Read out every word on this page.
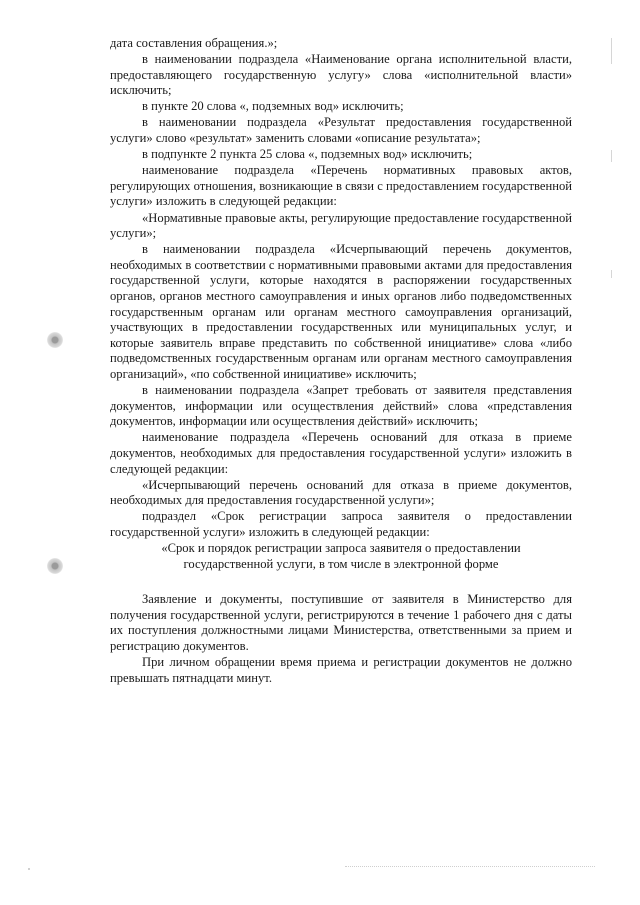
дата составления обращения.»;

в наименовании подраздела «Наименование органа исполнительной власти, предоставляющего государственную услугу» слова «исполнительной власти» исключить;

в пункте 20 слова «, подземных вод» исключить;

в наименовании подраздела «Результат предоставления государственной услуги» слово «результат» заменить словами «описание результата»;

в подпункте 2 пункта 25 слова «, подземных вод» исключить;

наименование подраздела «Перечень нормативных правовых актов, регулирующих отношения, возникающие в связи с предоставлением государственной услуги» изложить в следующей редакции:

«Нормативные правовые акты, регулирующие предоставление государственной услуги»;

в наименовании подраздела «Исчерпывающий перечень документов, необходимых в соответствии с нормативными правовыми актами для предоставления государственной услуги, которые находятся в распоряжении государственных органов, органов местного самоуправления и иных органов либо подведомственных государственным органам или органам местного самоуправления организаций, участвующих в предоставлении государственных или муниципальных услуг, и которые заявитель вправе представить по собственной инициативе» слова «либо подведомственных государственным органам или органам местного самоуправления организаций», «по собственной инициативе» исключить;

в наименовании подраздела «Запрет требовать от заявителя представления документов, информации или осуществления действий» слова «представления документов, информации или осуществления действий» исключить;

наименование подраздела «Перечень оснований для отказа в приеме документов, необходимых для предоставления государственной услуги» изложить в следующей редакции:

«Исчерпывающий перечень оснований для отказа в приеме документов, необходимых для предоставления государственной услуги»;

подраздел «Срок регистрации запроса заявителя о предоставлении государственной услуги» изложить в следующей редакции:

«Срок и порядок регистрации запроса заявителя о предоставлении государственной услуги, в том числе в электронной форме

Заявление и документы, поступившие от заявителя в Министерство для получения государственной услуги, регистрируются в течение 1 рабочего дня с даты их поступления должностными лицами Министерства, ответственными за прием и регистрацию документов.

При личном обращении время приема и регистрации документов не должно превышать пятнадцати минут.
